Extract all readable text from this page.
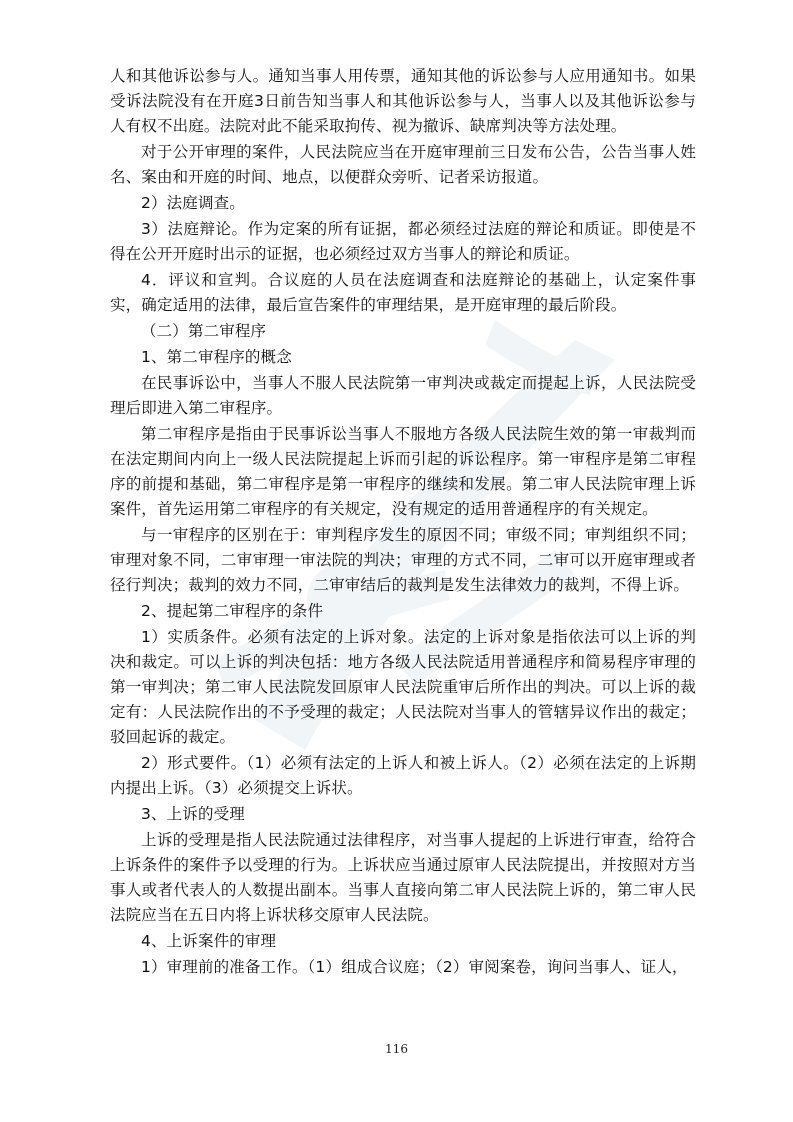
人和其他诉讼参与人。通知当事人用传票，通知其他的诉讼参与人应用通知书。如果受诉法院没有在开庭3日前告知当事人和其他诉讼参与人，当事人以及其他诉讼参与人有权不出庭。法院对此不能采取拘传、视为撤诉、缺席判决等方法处理。

对于公开审理的案件，人民法院应当在开庭审理前三日发布公告，公告当事人姓名、案由和开庭的时间、地点，以便群众旁听、记者采访报道。

2）法庭调查。

3）法庭辩论。作为定案的所有证据，都必须经过法庭的辩论和质证。即使是不得在公开开庭时出示的证据，也必须经过双方当事人的辩论和质证。

4．评议和宣判。合议庭的人员在法庭调查和法庭辩论的基础上，认定案件事实，确定适用的法律，最后宣告案件的审理结果，是开庭审理的最后阶段。

（二）第二审程序

1、第二审程序的概念

在民事诉讼中，当事人不服人民法院第一审判决或裁定而提起上诉，人民法院受理后即进入第二审程序。

第二审程序是指由于民事诉讼当事人不服地方各级人民法院生效的第一审裁判而在法定期间内向上一级人民法院提起上诉而引起的诉讼程序。第一审程序是第二审程序的前提和基础，第二审程序是第一审程序的继续和发展。第二审人民法院审理上诉案件，首先运用第二审程序的有关规定，没有规定的适用普通程序的有关规定。

与一审程序的区别在于：审判程序发生的原因不同；审级不同；审判组织不同；审理对象不同，二审审理一审法院的判决；审理的方式不同，二审可以开庭审理或者径行判决；裁判的效力不同，二审审结后的裁判是发生法律效力的裁判，不得上诉。

2、提起第二审程序的条件

1）实质条件。必须有法定的上诉对象。法定的上诉对象是指依法可以上诉的判决和裁定。可以上诉的判决包括：地方各级人民法院适用普通程序和简易程序审理的第一审判决；第二审人民法院发回原审人民法院重审后所作出的判决。可以上诉的裁定有：人民法院作出的不予受理的裁定；人民法院对当事人的管辖异议作出的裁定；驳回起诉的裁定。

2）形式要件。（1）必须有法定的上诉人和被上诉人。（2）必须在法定的上诉期内提出上诉。（3）必须提交上诉状。

3、上诉的受理

上诉的受理是指人民法院通过法律程序，对当事人提起的上诉进行审查，给符合上诉条件的案件予以受理的行为。上诉状应当通过原审人民法院提出，并按照对方当事人或者代表人的人数提出副本。当事人直接向第二审人民法院上诉的，第二审人民法院应当在五日内将上诉状移交原审人民法院。

4、上诉案件的审理

1）审理前的准备工作。（1）组成合议庭；（2）审阅案卷，询问当事人、证人，

116
